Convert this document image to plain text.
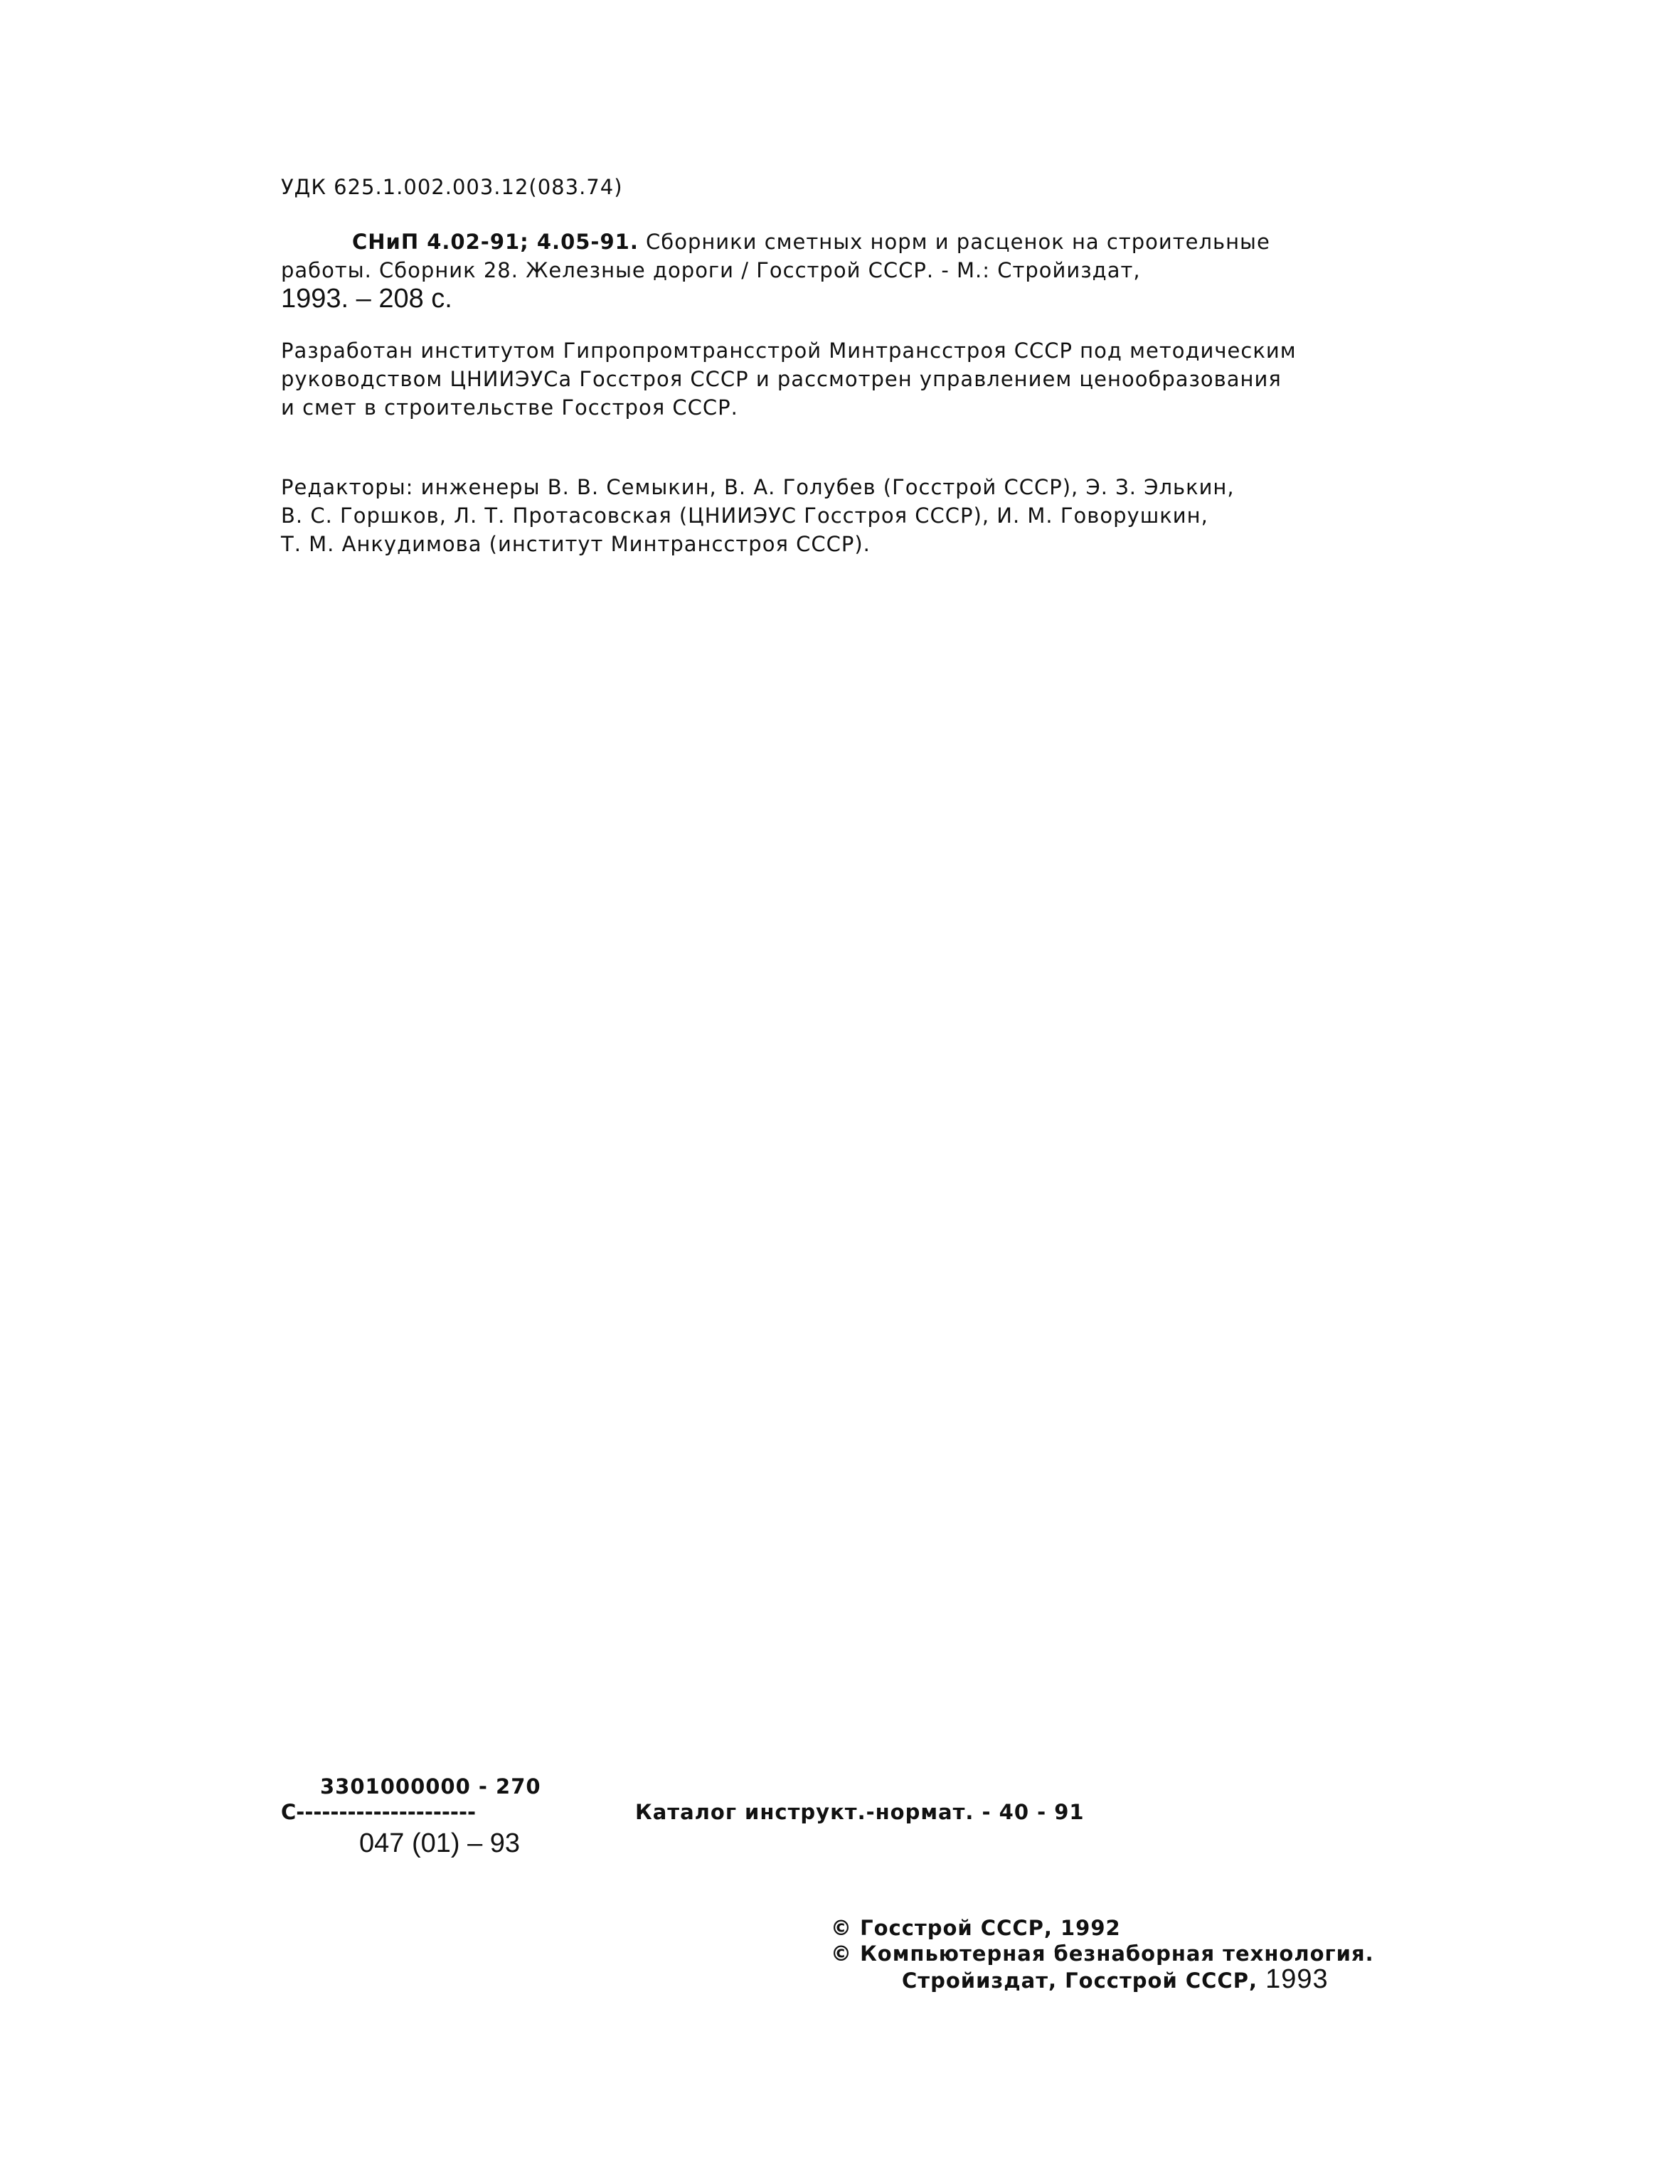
УДК 625.1.002.003.12(083.74)
СНиП 4.02-91; 4.05-91. Сборники сметных норм и расценок на строительные
работы. Сборник 28. Железные дороги / Госстрой СССР. - М.: Стройиздат,
1993. – 208 с.
Разработан институтом Гипропромтрансстрой Минтрансстроя СССР под методическим
руководством ЦНИИЭУСа Госстроя СССР и рассмотрен управлением ценообразования
и смет в строительстве Госстроя СССР.
Редакторы: инженеры В. В. Семыкин, В. А. Голубев (Госстрой СССР), Э. З. Элькин,
В. С. Горшков, Л. Т. Протасовская (ЦНИИЭУС Госстроя СССР), И. М. Говорушкин,
Т. М. Анкудимова (институт Минтрансстроя СССР).
3301000000 - 270
С---------------------	Каталог инструкт.-нормат. - 40 - 91
047 (01) – 93
© Госстрой СССР, 1992
© Компьютерная безнаборная технология.
Стройиздат, Госстрой СССР, 1993
